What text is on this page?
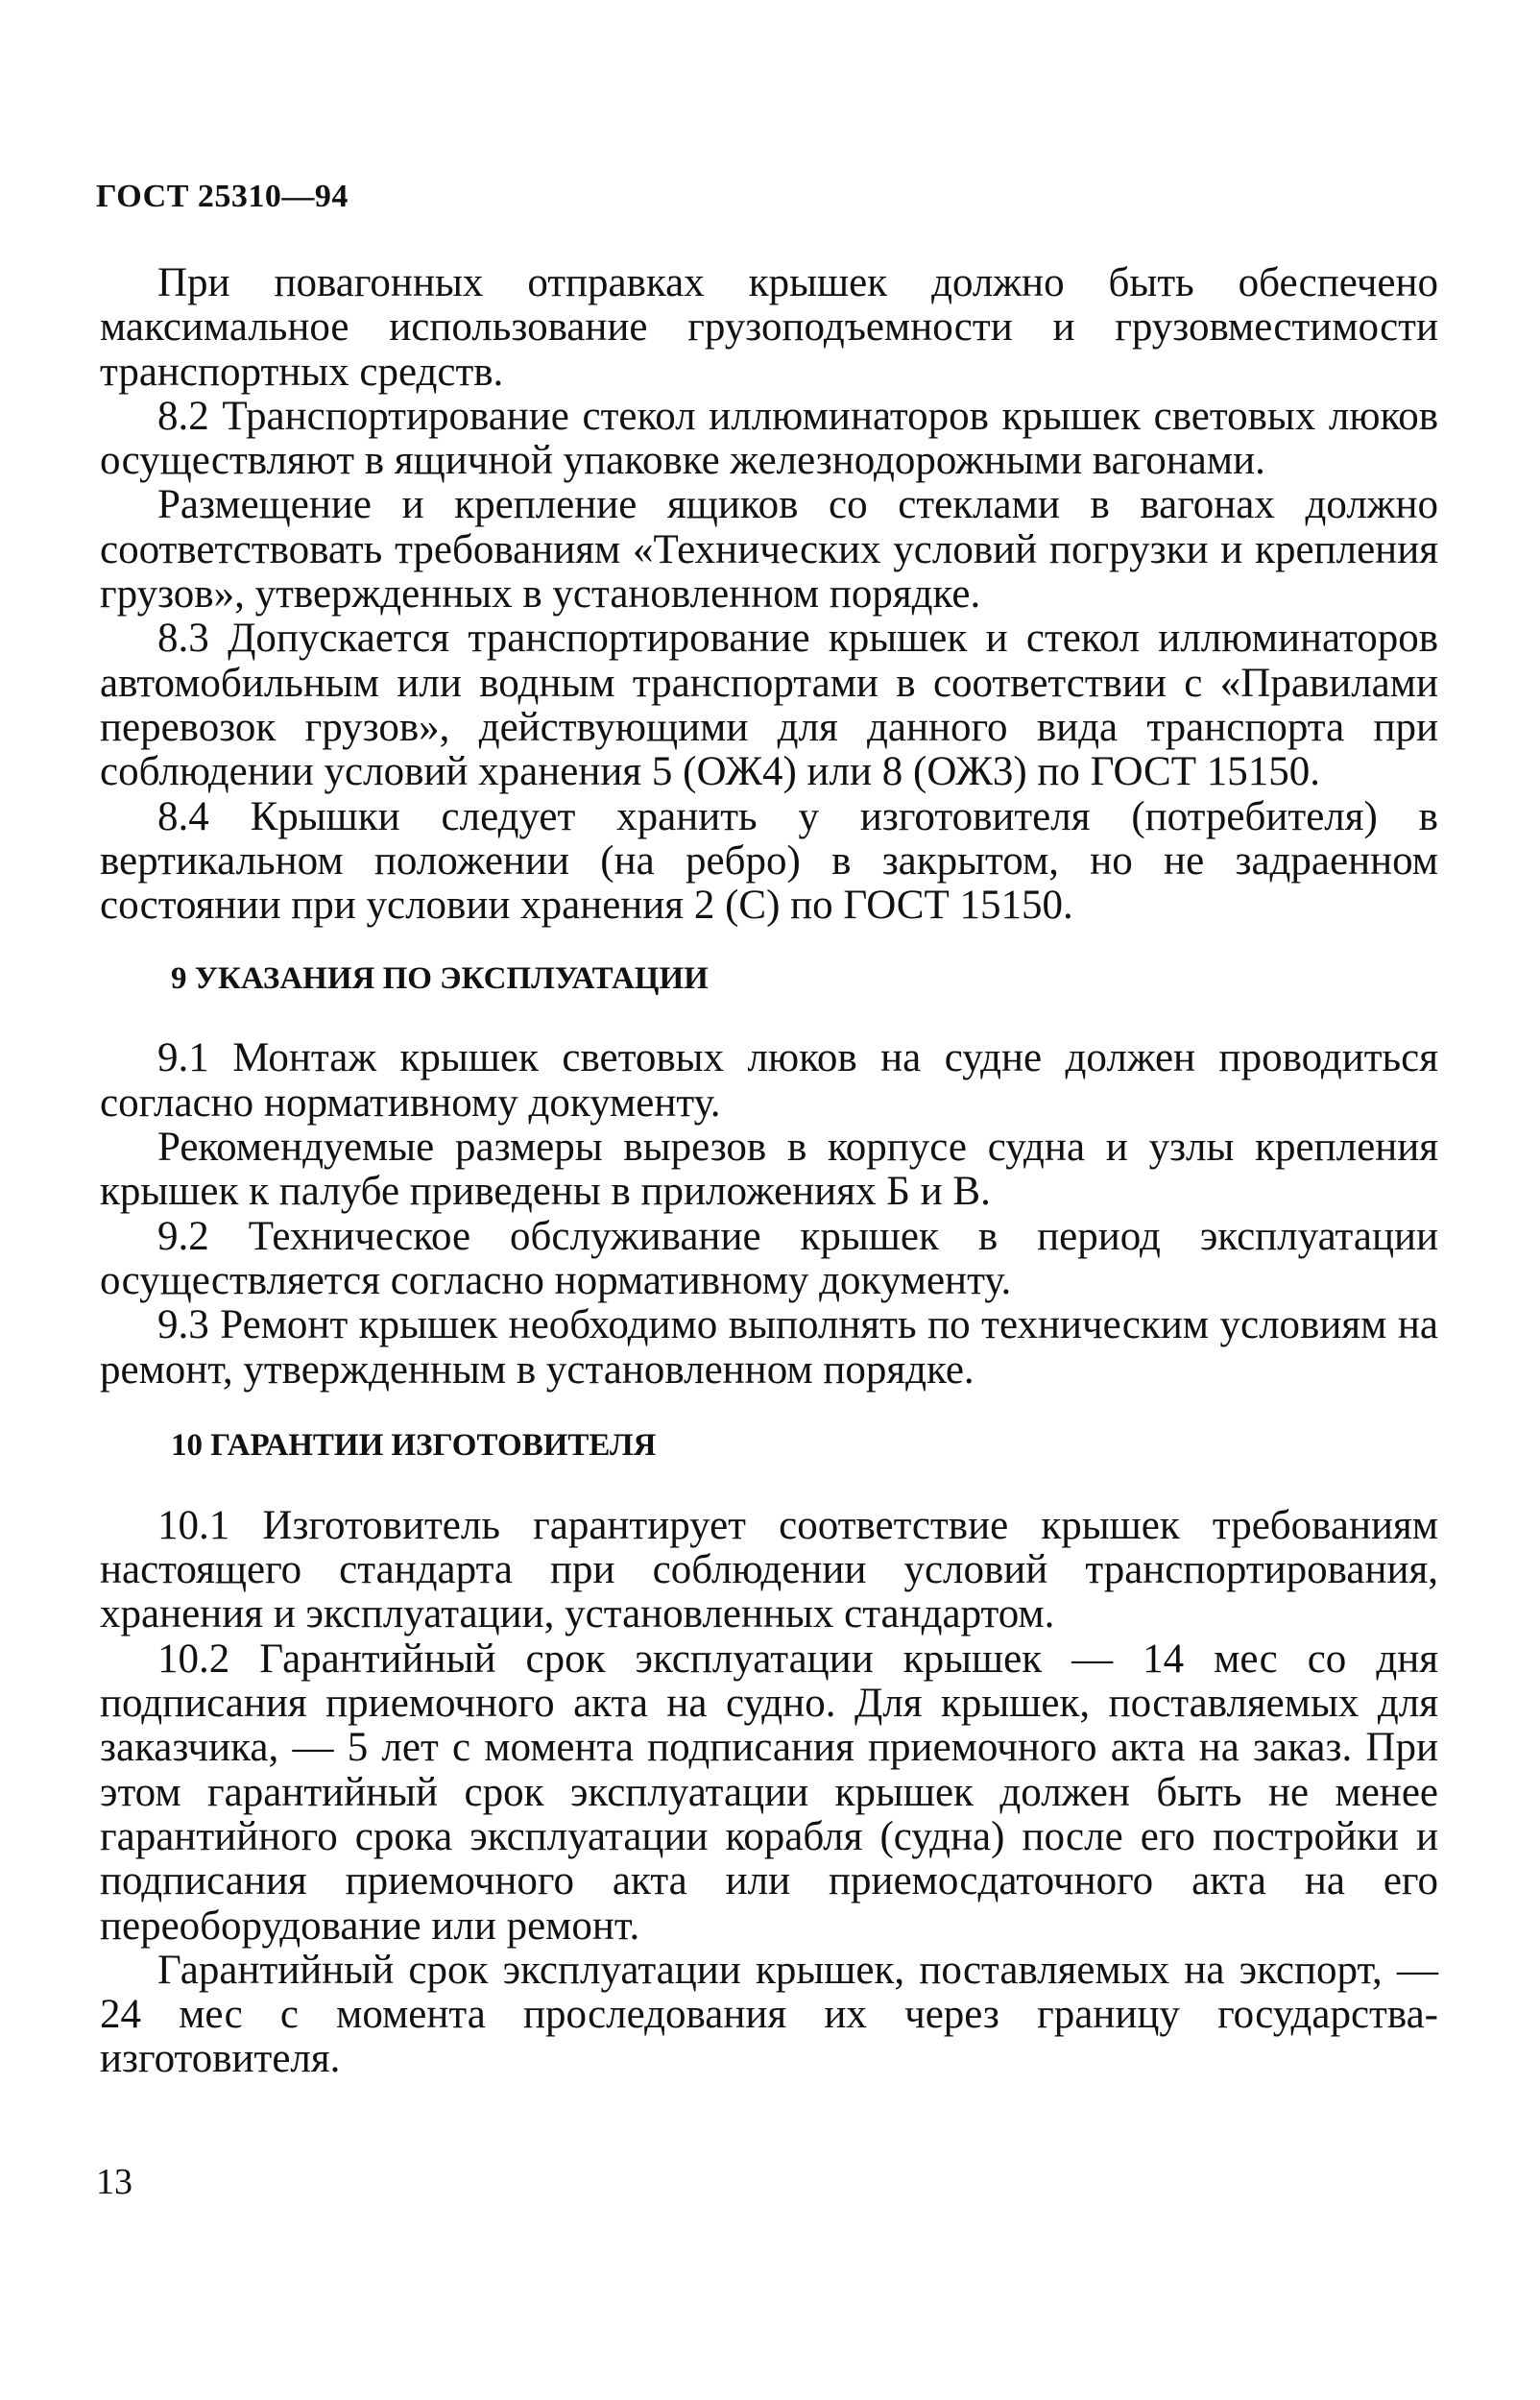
ГОСТ 25310—94

При повагонных отправках крышек должно быть обеспечено максимальное использование грузоподъемности и грузовместимости транспортных средств.

8.2 Транспортирование стекол иллюминаторов крышек световых люков осуществляют в ящичной упаковке железнодорожными вагонами.

Размещение и крепление ящиков со стеклами в вагонах должно соответствовать требованиям «Технических условий погрузки и крепления грузов», утвержденных в установленном порядке.

8.3 Допускается транспортирование крышек и стекол иллюминаторов автомобильным или водным транспортами в соответствии с «Правилами перевозок грузов», действующими для данного вида транспорта при соблюдении условий хранения 5 (ОЖ4) или 8 (ОЖ3) по ГОСТ 15150.

8.4 Крышки следует хранить у изготовителя (потребителя) в вертикальном положении (на ребро) в закрытом, но не задраенном состоянии при условии хранения 2 (С) по ГОСТ 15150.

9 УКАЗАНИЯ ПО ЭКСПЛУАТАЦИИ

9.1 Монтаж крышек световых люков на судне должен проводиться согласно нормативному документу.

Рекомендуемые размеры вырезов в корпусе судна и узлы крепления крышек к палубе приведены в приложениях Б и В.

9.2 Техническое обслуживание крышек в период эксплуатации осуществляется согласно нормативному документу.

9.3 Ремонт крышек необходимо выполнять по техническим условиям на ремонт, утвержденным в установленном порядке.

10 ГАРАНТИИ ИЗГОТОВИТЕЛЯ

10.1 Изготовитель гарантирует соответствие крышек требованиям настоящего стандарта при соблюдении условий транспортирования, хранения и эксплуатации, установленных стандартом.

10.2 Гарантийный срок эксплуатации крышек — 14 мес со дня подписания приемочного акта на судно. Для крышек, поставляемых для заказчика, — 5 лет с момента подписания приемочного акта на заказ. При этом гарантийный срок эксплуатации крышек должен быть не менее гарантийного срока эксплуатации корабля (судна) после его постройки и подписания приемочного акта или приемосдаточного акта на его переоборудование или ремонт.

Гарантийный срок эксплуатации крышек, поставляемых на экспорт, — 24 мес с момента проследования их через границу государства-изготовителя.

13
